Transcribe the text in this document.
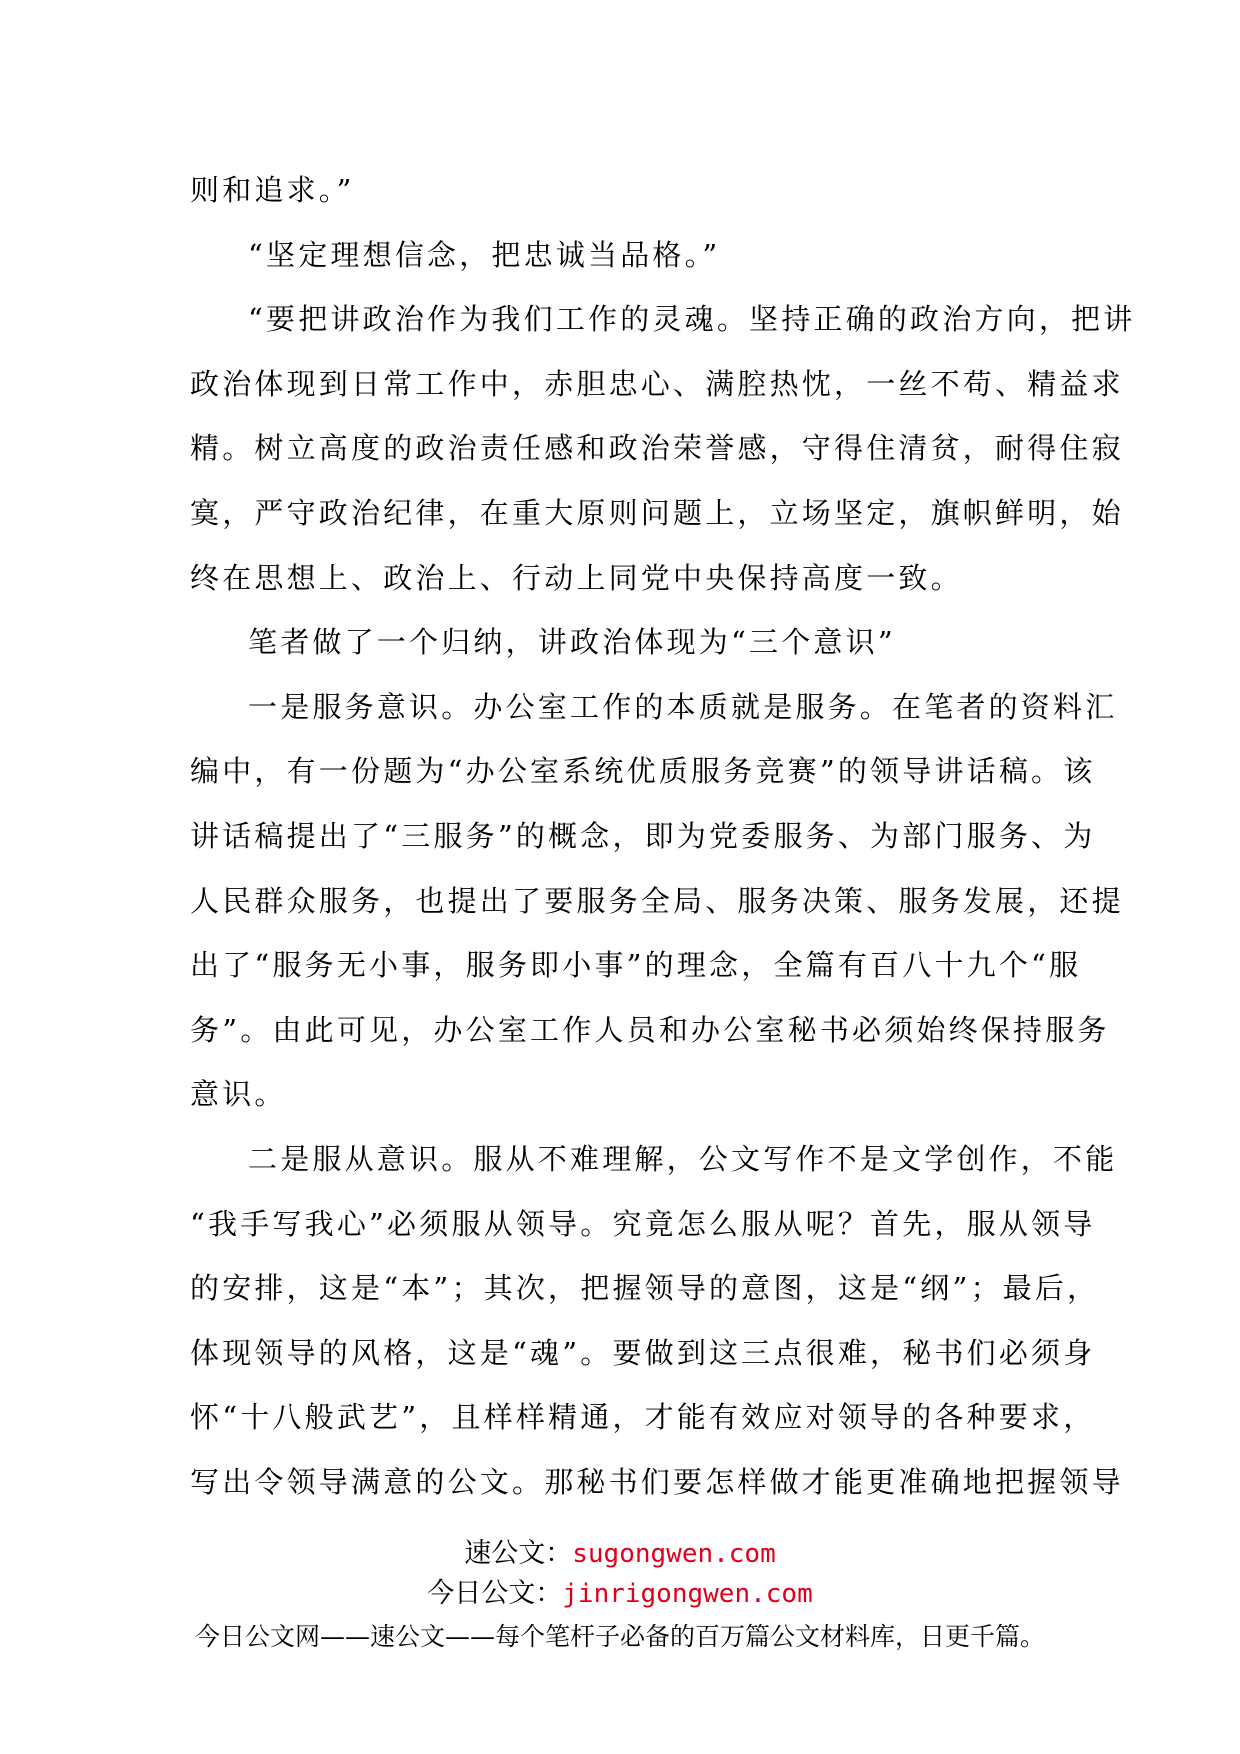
则和追求。”
“坚定理想信念，把忠诚当品格。”
“要把讲政治作为我们工作的灵魂。坚持正确的政治方向，把讲
政治体现到日常工作中，赤胆忠心、满腔热忱，一丝不苟、精益求
精。树立高度的政治责任感和政治荣誉感，守得住清贫，耐得住寂
寞，严守政治纪律，在重大原则问题上，立场坚定，旗帜鲜明，始
终在思想上、政治上、行动上同党中央保持高度一致。
笔者做了一个归纳，讲政治体现为“三个意识”
一是服务意识。办公室工作的本质就是服务。在笔者的资料汇
编中，有一份题为“办公室系统优质服务竞赛”的领导讲话稿。该
讲话稿提出了“三服务”的概念，即为党委服务、为部门服务、为
人民群众服务，也提出了要服务全局、服务决策、服务发展，还提
出了“服务无小事，服务即小事”的理念，全篇有百八十九个“服
务”。由此可见，办公室工作人员和办公室秘书必须始终保持服务
意识。
二是服从意识。服从不难理解，公文写作不是文学创作，不能
“我手写我心”必须服从领导。究竟怎么服从呢？首先，服从领导
的安排，这是“本”；其次，把握领导的意图，这是“纲”；最后，
体现领导的风格，这是“魂”。要做到这三点很难，秘书们必须身
怀“十八般武艺”，且样样精通，才能有效应对领导的各种要求，
写出令领导满意的公文。那秘书们要怎样做才能更准确地把握领导
速公文：sugongwen.com
今日公文：jinrigongwen.com
今日公文网——速公文——每个笔杆子必备的百万篇公文材料库，日更千篇。
